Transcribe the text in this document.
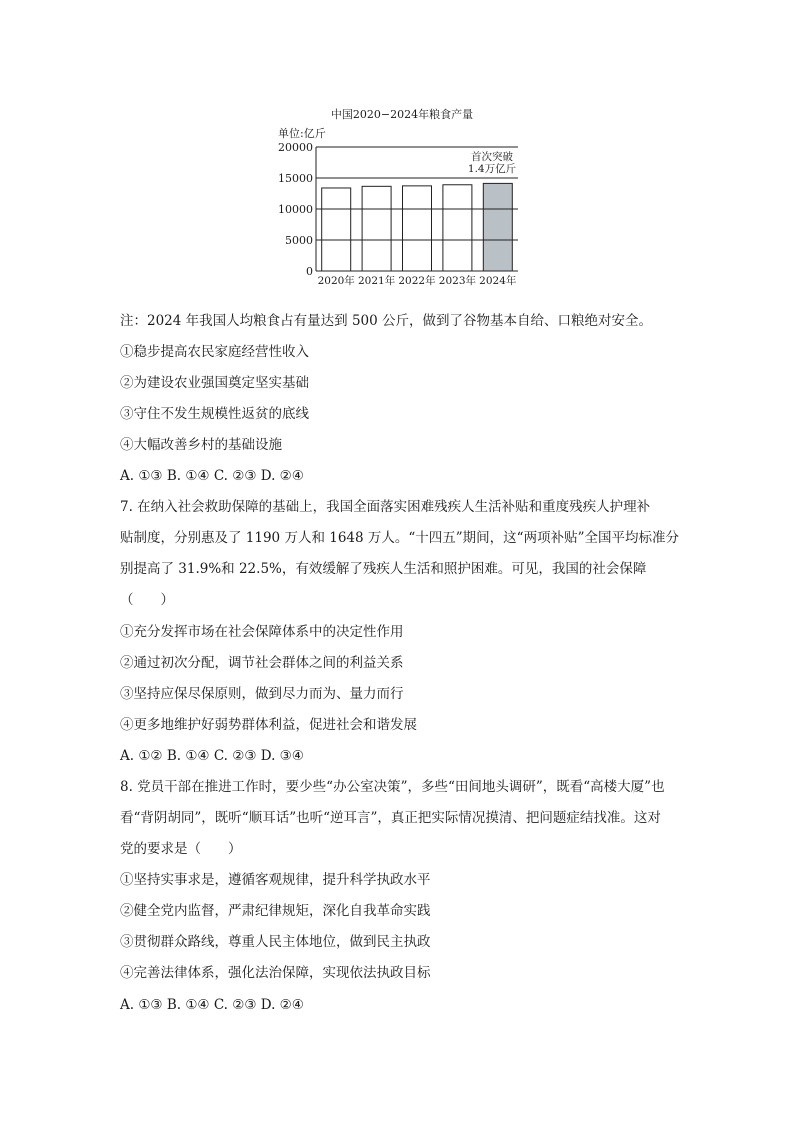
中国2020−2024年粮食产量
单位:亿斤
0
5000
10000
15000
20000
2020年 2021年 2022年 2023年 2024年
首次突破
1.4万亿斤
注：2024 年我国人均粮食占有量达到 500 公斤，做到了谷物基本自给、口粮绝对安全。
①稳步提高农民家庭经营性收入
②为建设农业强国奠定坚实基础
③守住不发生规模性返贫的底线
④大幅改善乡村的基础设施
A. ①③ B. ①④ C. ②③ D. ②④
7. 在纳入社会救助保障的基础上，我国全面落实困难残疾人生活补贴和重度残疾人护理补
贴制度，分别惠及了 1190 万人和 1648 万人。“十四五”期间，这“两项补贴”全国平均标准分
别提高了 31.9%和 22.5%，有效缓解了残疾人生活和照护困难。可见，我国的社会保障
（　　）
①充分发挥市场在社会保障体系中的决定性作用
②通过初次分配，调节社会群体之间的利益关系
③坚持应保尽保原则，做到尽力而为、量力而行
④更多地维护好弱势群体利益，促进社会和谐发展
A. ①② B. ①④ C. ②③ D. ③④
8. 党员干部在推进工作时，要少些“办公室决策”，多些“田间地头调研”，既看“高楼大厦”也
看“背阴胡同”，既听“顺耳话”也听“逆耳言”，真正把实际情况摸清、把问题症结找准。这对
党的要求是（　　）
①坚持实事求是，遵循客观规律，提升科学执政水平
②健全党内监督，严肃纪律规矩，深化自我革命实践
③贯彻群众路线，尊重人民主体地位，做到民主执政
④完善法律体系，强化法治保障，实现依法执政目标
A. ①③ B. ①④ C. ②③ D. ②④
